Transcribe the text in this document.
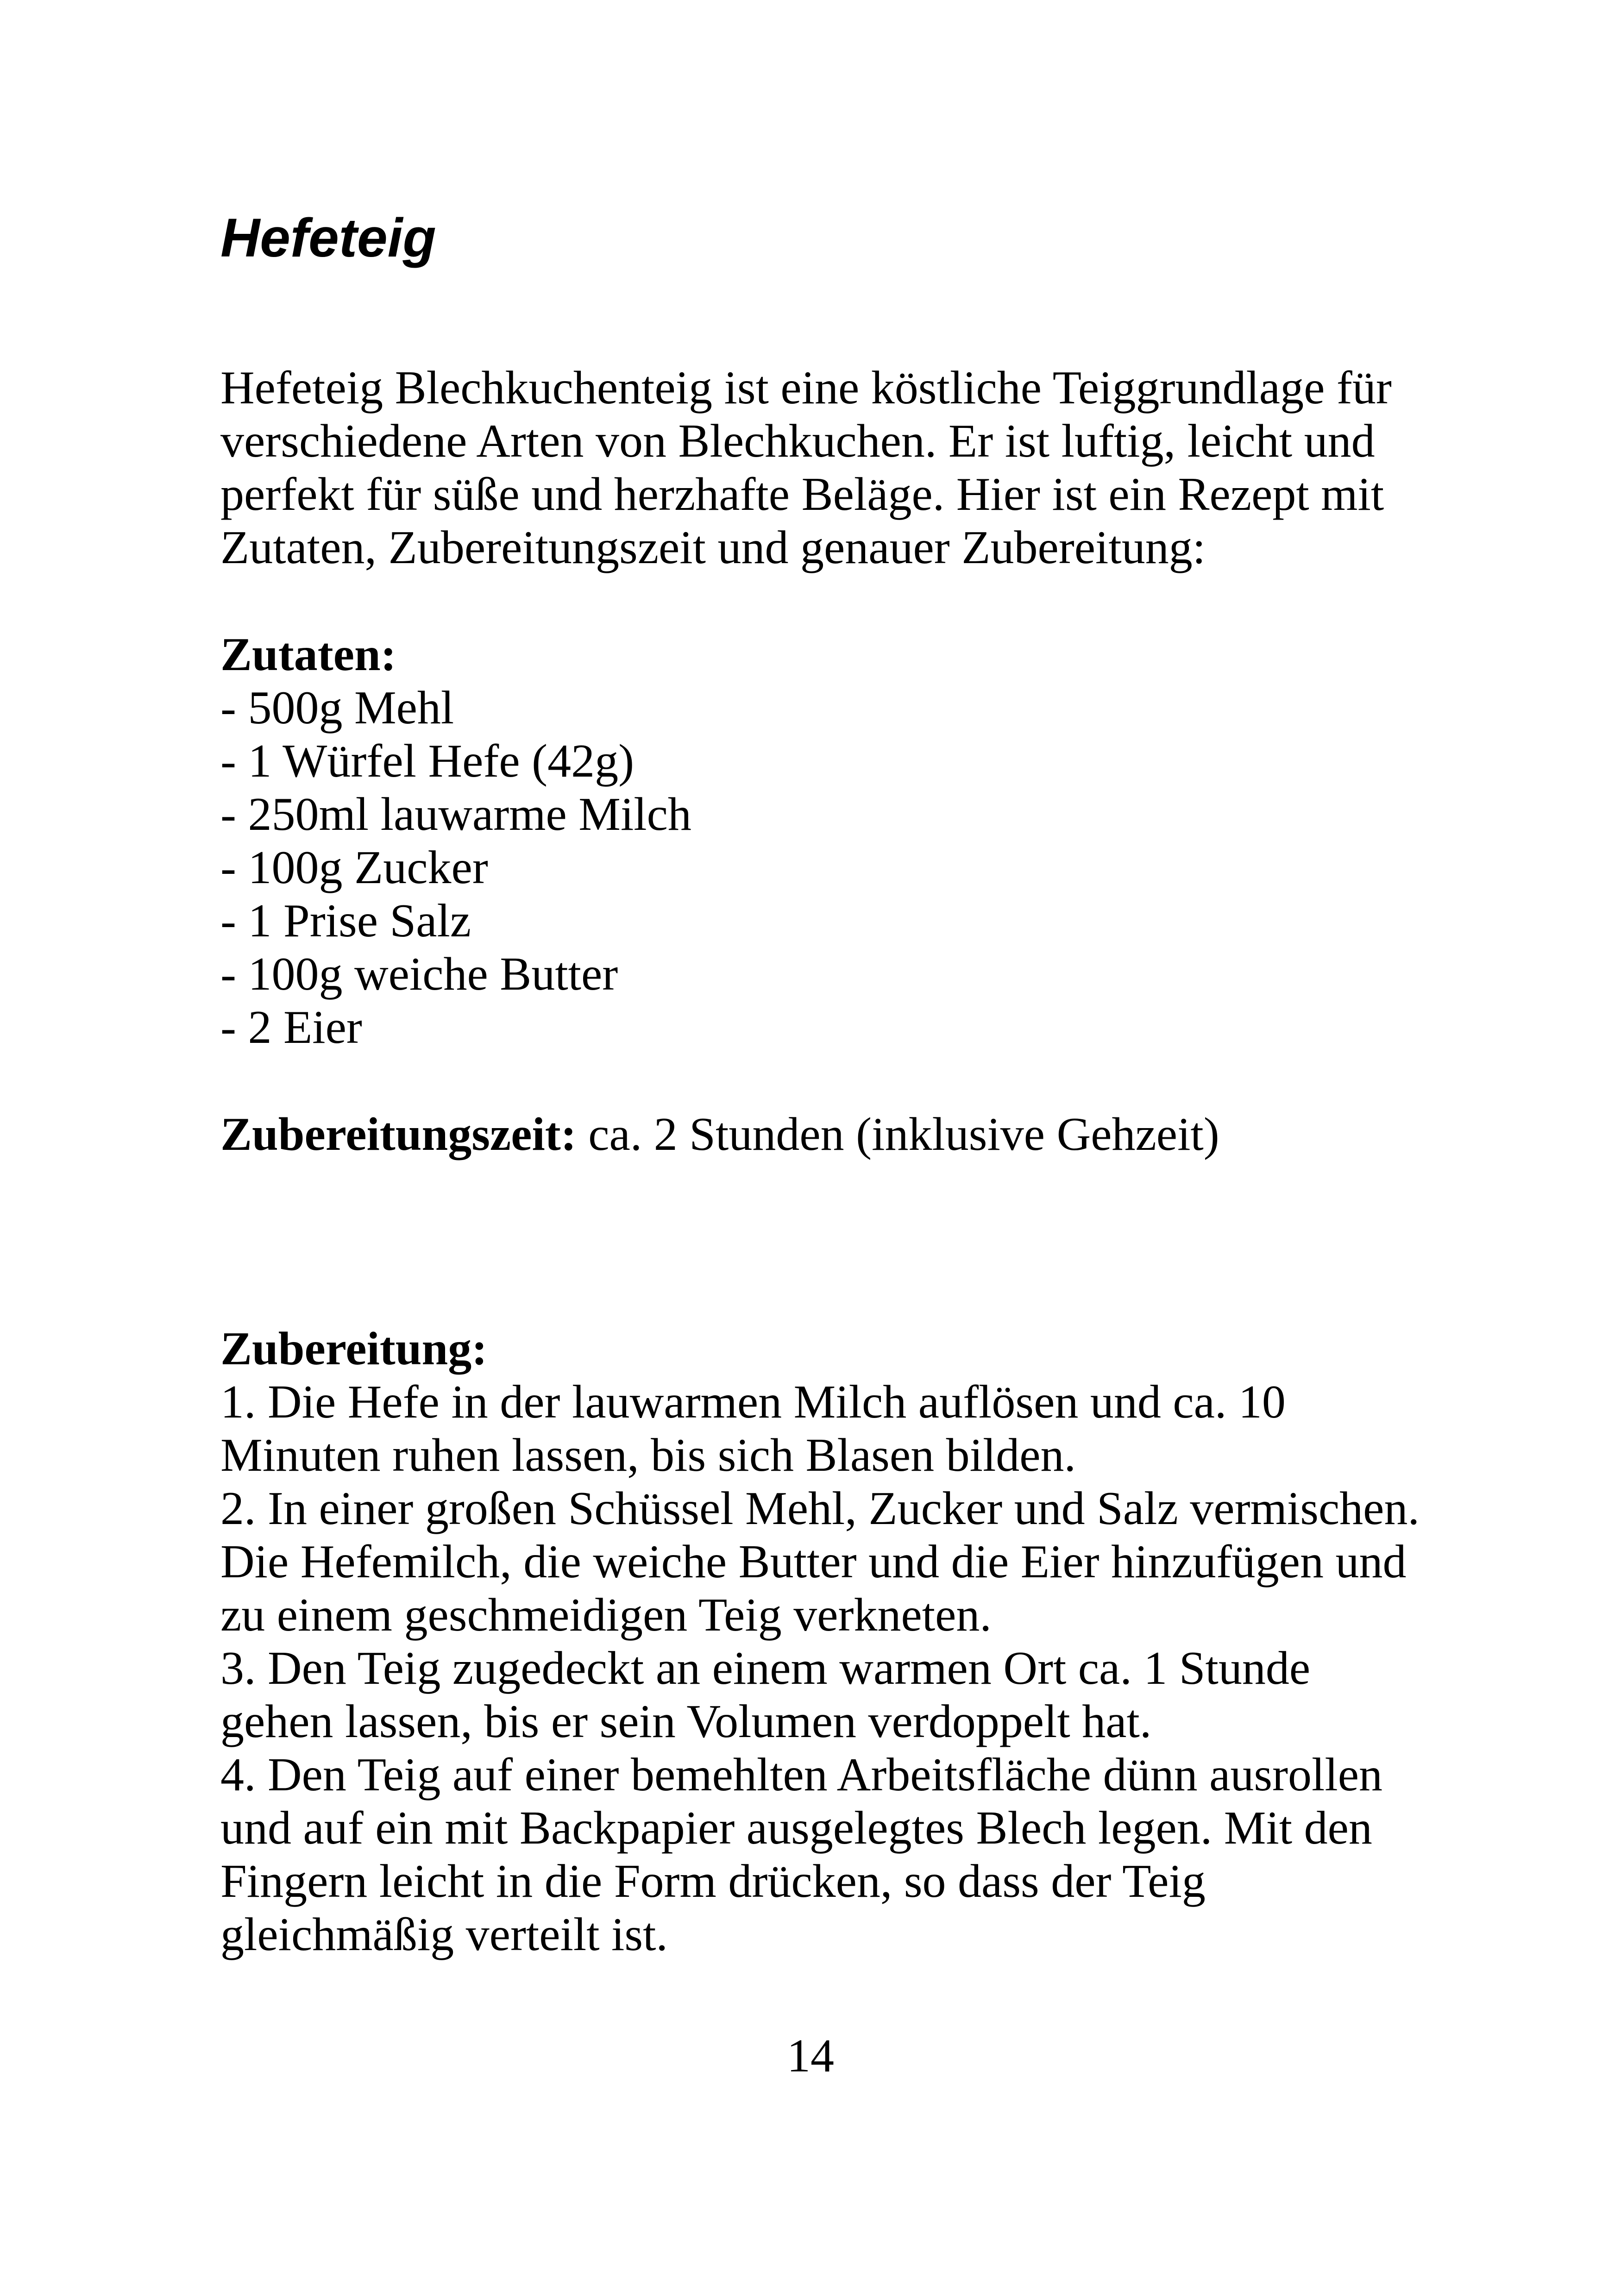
Hefeteig
Hefeteig Blechkuchenteig ist eine köstliche Teiggrundlage für
verschiedene Arten von Blechkuchen. Er ist luftig, leicht und
perfekt für süße und herzhafte Beläge. Hier ist ein Rezept mit
Zutaten, Zubereitungszeit und genauer Zubereitung:
Zutaten:
- 500g Mehl
- 1 Würfel Hefe (42g)
- 250ml lauwarme Milch
- 100g Zucker
- 1 Prise Salz
- 100g weiche Butter
- 2 Eier
Zubereitungszeit: ca. 2 Stunden (inklusive Gehzeit)
Zubereitung:
1. Die Hefe in der lauwarmen Milch auflösen und ca. 10
Minuten ruhen lassen, bis sich Blasen bilden.
2. In einer großen Schüssel Mehl, Zucker und Salz vermischen.
Die Hefemilch, die weiche Butter und die Eier hinzufügen und
zu einem geschmeidigen Teig verkneten.
3. Den Teig zugedeckt an einem warmen Ort ca. 1 Stunde
gehen lassen, bis er sein Volumen verdoppelt hat.
4. Den Teig auf einer bemehlten Arbeitsfläche dünn ausrollen
und auf ein mit Backpapier ausgelegtes Blech legen. Mit den
Fingern leicht in die Form drücken, so dass der Teig
gleichmäßig verteilt ist.
14
